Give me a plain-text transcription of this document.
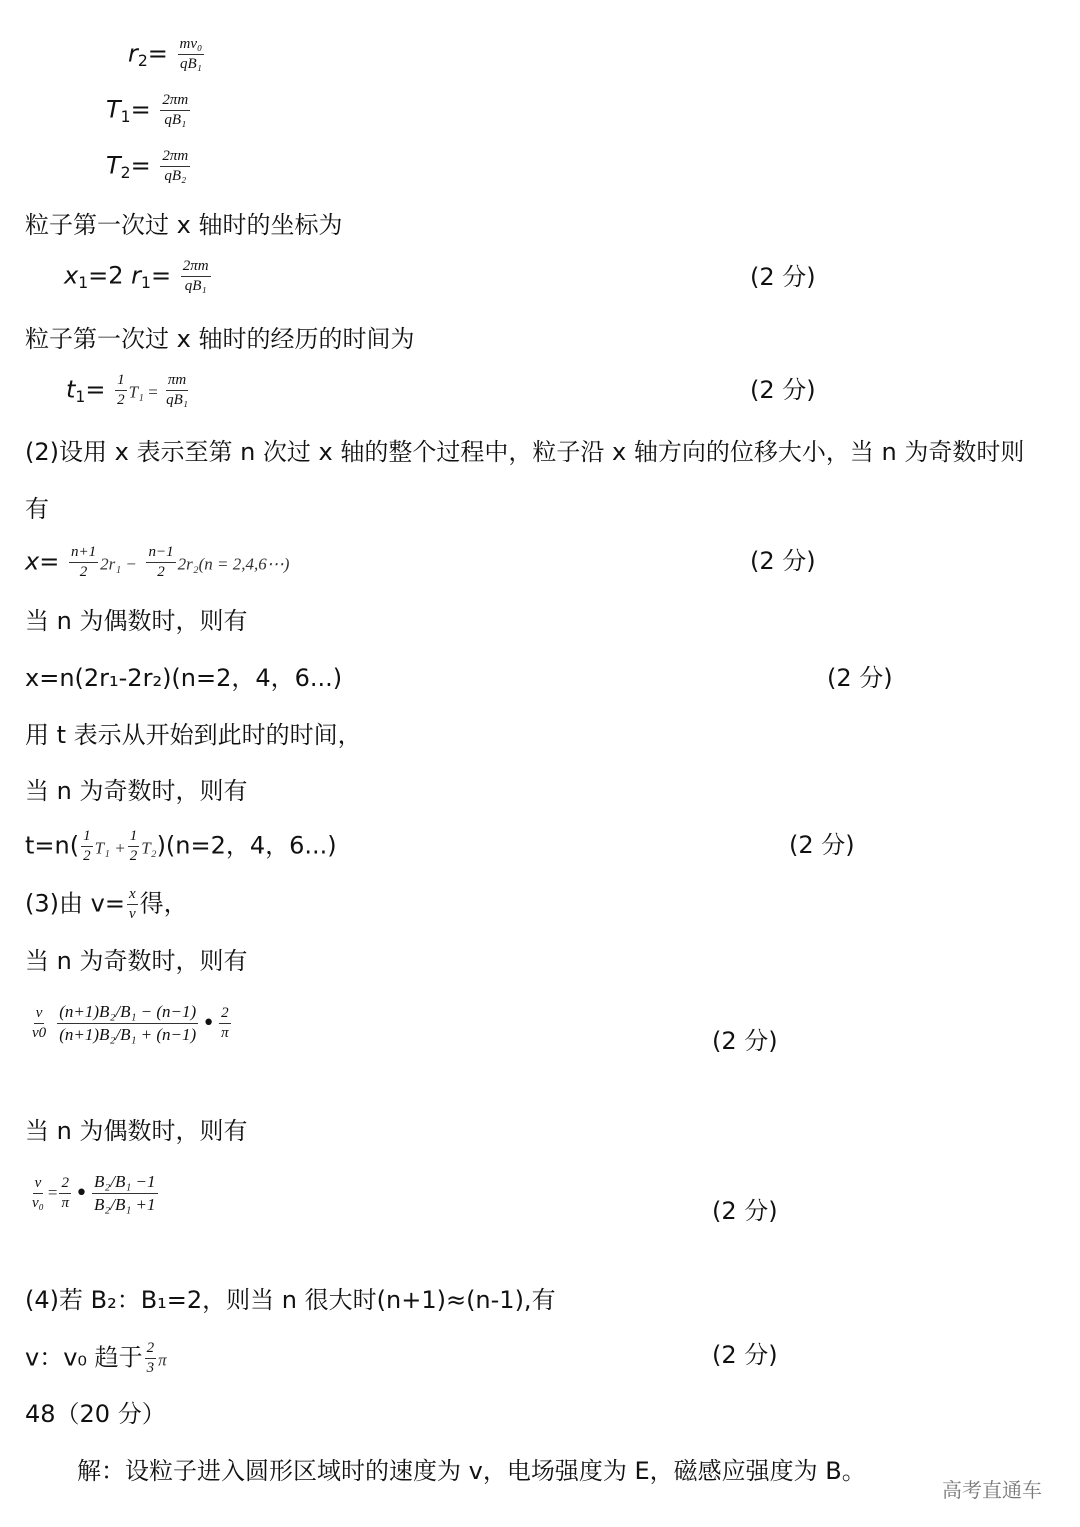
$r_2= \frac{\text{mv₀}}{\text{qB₁}}$
$T_1= \frac{2\pi m}{\text{qB₁}}$
$T_2= \frac{2\pi m}{\text{qB₂}}$
粒子第一次过 x 轴时的坐标为
$x_1=2$ $r_1= \frac{2\pi m}{\text{qB₁}}$	(2 分)
粒子第一次过 x 轴时的经历的时间为
$t_1= \frac{1}{2} T_1 = \frac{\pi m}{\text{qB₁}}$	(2 分)
(2)设用 x 表示至第 n 次过 x 轴的整个过程中，粒子沿 x 轴方向的位移大小，当 n 为奇数时则
有
$x= \frac{n+1}{2} 2r_1 - \frac{n-1}{2} 2r_2(n$ = 2,4,6⋯)	(2 分)
当 n 为偶数时，则有
x=n(2r₁-2r₂)(n=2，4，6...)	(2 分)
用 t 表示从开始到此时的时间，
当 n 为奇数时，则有
$t=n( \frac{1}{2} T_1 + \frac{1}{2} T_2)(n=2$，4，6...)	(2 分)
(3)由 $v= \frac{x}{v}$ 得，
当 n 为奇数时，则有
$\frac{v}{v0}$
$\frac{\text{(n+1)B₂/B₁ − (n−1)}}{\text{(n+1)B₂/B₁ + (n−1)}}$ • $\frac{2}{\pi}$	(2 分)
当 n 为偶数时，则有
$\frac{v}{\text{v₀}} = \frac{2}{\pi}$ • $\frac{\text{B₂/B₁ −1}}{\text{B₂/B₁ +1}}$	(2 分)
(4)若 B₂：B₁=2，则当 n 很大时(n+1)≈(n-1),有
v：v₀ 趋于 $\frac{2}{3}$ π	(2 分)
48（20 分）
解：设粒子进入圆形区域时的速度为 v，电场强度为 E，磁感应强度为 B。
高考直通车
